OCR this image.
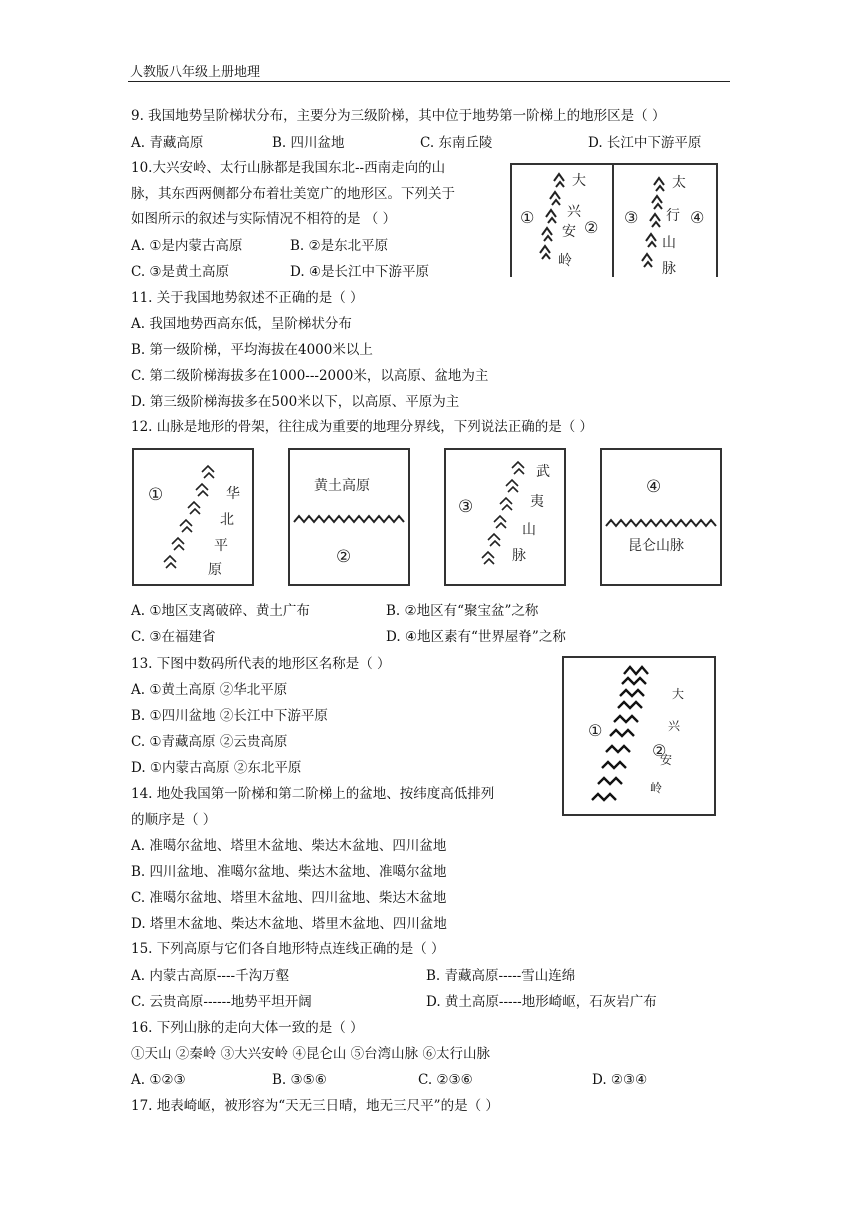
人教版八年级上册地理
9. 我国地势呈阶梯状分布，主要分为三级阶梯，其中位于地势第一阶梯上的地形区是（ ）
A. 青藏高原	B. 四川盆地	C. 东南丘陵	D. 长江中下游平原
10.大兴安岭、太行山脉都是我国东北--西南走向的山
脉，其东西两侧都分布着壮美宽广的地形区。下列关于
如图所示的叙述与实际情况不相符的是 （ ）
A. ①是内蒙古高原	B. ②是东北平原
C. ③是黄土高原	D. ④是长江中下游平原
大
兴
安
岭
①
②
太
行
山
脉
③	④
11. 关于我国地势叙述不正确的是（ ）
A. 我国地势西高东低，呈阶梯状分布
B. 第一级阶梯，平均海拔在4000米以上
C. 第二级阶梯海拔多在1000---2000米，以高原、盆地为主
D. 第三级阶梯海拔多在500米以下，以高原、平原为主
12. 山脉是地形的骨架，往往成为重要的地理分界线，下列说法正确的是（ ）
①	华
北
平
原
黄土高原
②
③
武
夷
山
脉
④
昆仑山脉
A. ①地区支离破碎、黄土广布	B. ②地区有“聚宝盆”之称
C. ③在福建省	D. ④地区素有“世界屋脊”之称
13. 下图中数码所代表的地形区名称是（ ）
A. ①黄土高原 ②华北平原
B. ①四川盆地 ②长江中下游平原
C. ①青藏高原 ②云贵高原
D. ①内蒙古高原 ②东北平原
大
兴
安
岭
①
②
14. 地处我国第一阶梯和第二阶梯上的盆地、按纬度高低排列
的顺序是（ ）
A. 准噶尔盆地、塔里木盆地、柴达木盆地、四川盆地
B. 四川盆地、准噶尔盆地、柴达木盆地、准噶尔盆地
C. 准噶尔盆地、塔里木盆地、四川盆地、柴达木盆地
D. 塔里木盆地、柴达木盆地、塔里木盆地、四川盆地
15. 下列高原与它们各自地形特点连线正确的是（ ）
A. 内蒙古高原----千沟万壑	B. 青藏高原-----雪山连绵
C. 云贵高原------地势平坦开阔	D. 黄土高原-----地形崎岖，石灰岩广布
16. 下列山脉的走向大体一致的是（ ）
①天山 ②秦岭 ③大兴安岭 ④昆仑山 ⑤台湾山脉 ⑥太行山脉
A. ①②③	B. ③⑤⑥	C. ②③⑥	D. ②③④
17. 地表崎岖，被形容为“天无三日晴，地无三尺平”的是（ ）
